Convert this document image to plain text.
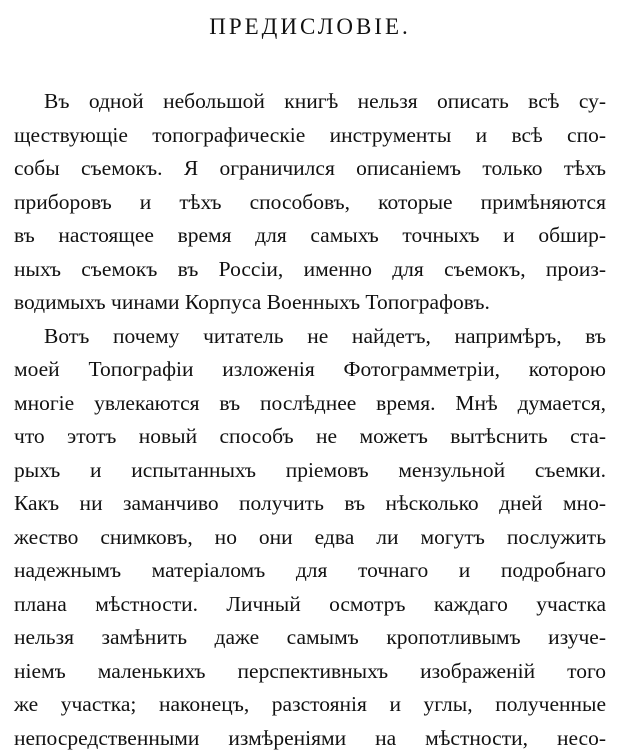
ПРЕДИСЛОВІЕ.
Въ одной небольшой книгѣ нельзя описать всѣ су-
ществующіе топографическіе инструменты и всѣ спо-
собы съемокъ. Я ограничился описаніемъ только тѣхъ
приборовъ и тѣхъ способовъ, которые примѣняются
въ настоящее время для самыхъ точныхъ и обшир-
ныхъ съемокъ въ Россіи, именно для съемокъ, произ-
водимыхъ чинами Корпуса Военныхъ Топографовъ.
Вотъ почему читатель не найдетъ, напримѣръ, въ
моей Топографіи изложенія Фотограмметріи, которою
многіе увлекаются въ послѣднее время. Мнѣ думается,
что этотъ новый способъ не можетъ вытѣснить ста-
рыхъ и испытанныхъ пріемовъ мензульной съемки.
Какъ ни заманчиво получить въ нѣсколько дней мно-
жество снимковъ, но они едва ли могутъ послужить
надежнымъ матеріаломъ для точнаго и подробнаго
плана мѣстности. Личный осмотръ каждаго участка
нельзя замѣнить даже самымъ кропотливымъ изуче-
ніемъ маленькихъ перспективныхъ изображеній того
же участка; наконецъ, разстоянія и углы, полученные
непосредственными измѣреніями на мѣстности, несо-
